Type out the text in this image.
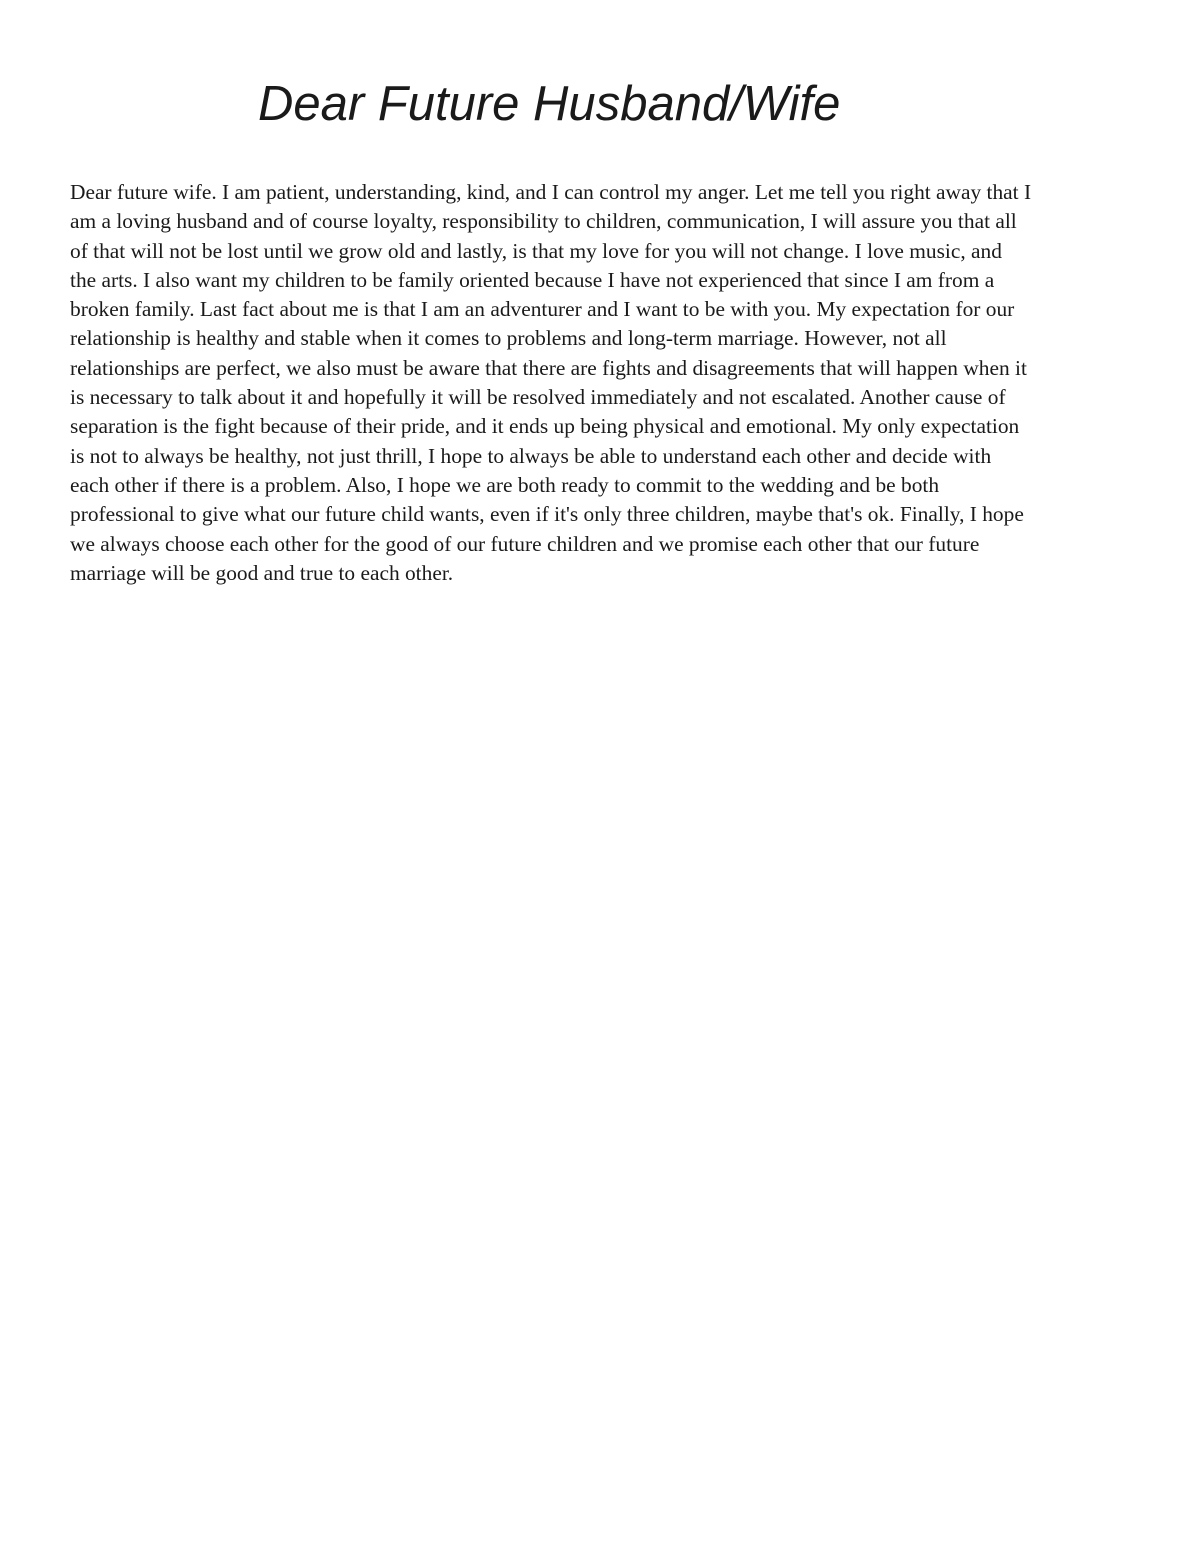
Dear Future Husband/Wife
Dear future wife. I am patient, understanding, kind, and I can control my anger. Let me tell you right away that I
am a loving husband and of course loyalty, responsibility to children, communication, I will assure you that all
of that will not be lost until we grow old and lastly, is that my love for you will not change. I love music, and
the arts. I also want my children to be family oriented because I have not experienced that since I am from a
broken family. Last fact about me is that I am an adventurer and I want to be with you. My expectation for our
relationship is healthy and stable when it comes to problems and long-term marriage. However, not all
relationships are perfect, we also must be aware that there are fights and disagreements that will happen when it
is necessary to talk about it and hopefully it will be resolved immediately and not escalated. Another cause of
separation is the fight because of their pride, and it ends up being physical and emotional. My only expectation
is not to always be healthy, not just thrill, I hope to always be able to understand each other and decide with
each other if there is a problem. Also, I hope we are both ready to commit to the wedding and be both
professional to give what our future child wants, even if it's only three children, maybe that's ok. Finally, I hope
we always choose each other for the good of our future children and we promise each other that our future
marriage will be good and true to each other.
